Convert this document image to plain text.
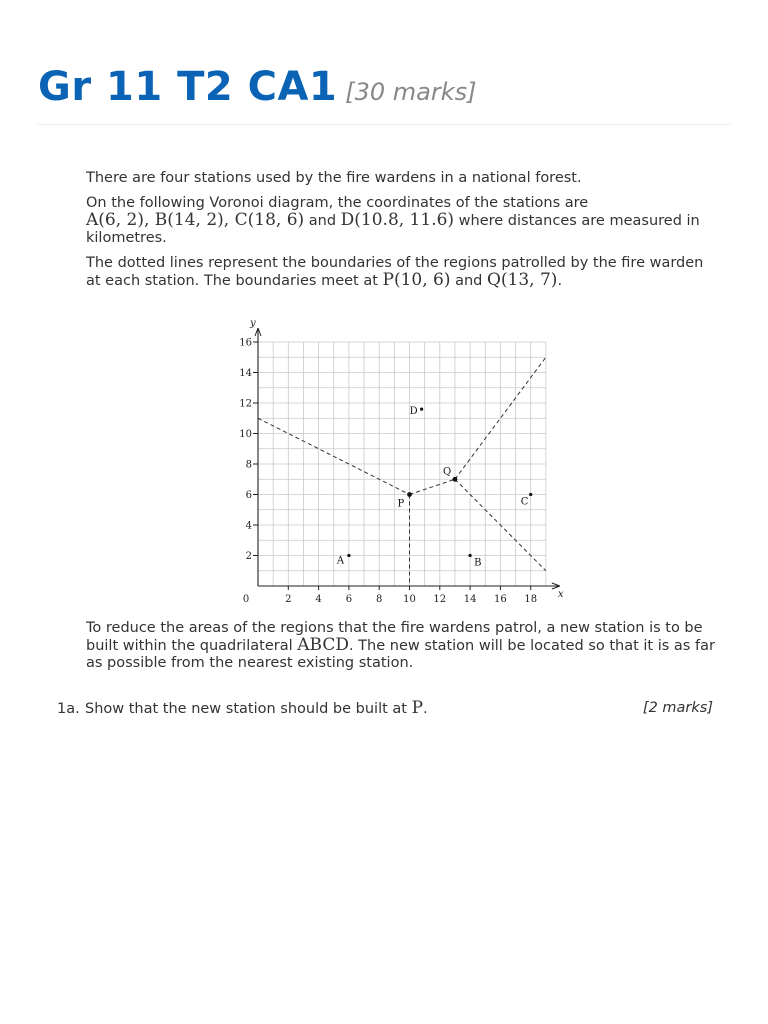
Gr 11 T2 CA1 [30 marks]

There are four stations used by the fire wardens in a national forest.

On the following Voronoi diagram, the coordinates of the stations are
A(6, 2), B(14, 2), C(18, 6) and D(10.8, 11.6) where distances are measured in kilometres.

The dotted lines represent the boundaries of the regions patrolled by the fire warden at each station. The boundaries meet at P(10, 6) and Q(13, 7).

x
y
0	2 4 6 8 10 12 14 16 18
2
4
6
8
10
12
14
16
A	B
C
D
P
Q
To reduce the areas of the regions that the fire wardens patrol, a new station is to be built within the quadrilateral ABCD. The new station will be located so that it is as far as possible from the nearest existing station.
1a. Show that the new station should be built at P.	[2 marks]
